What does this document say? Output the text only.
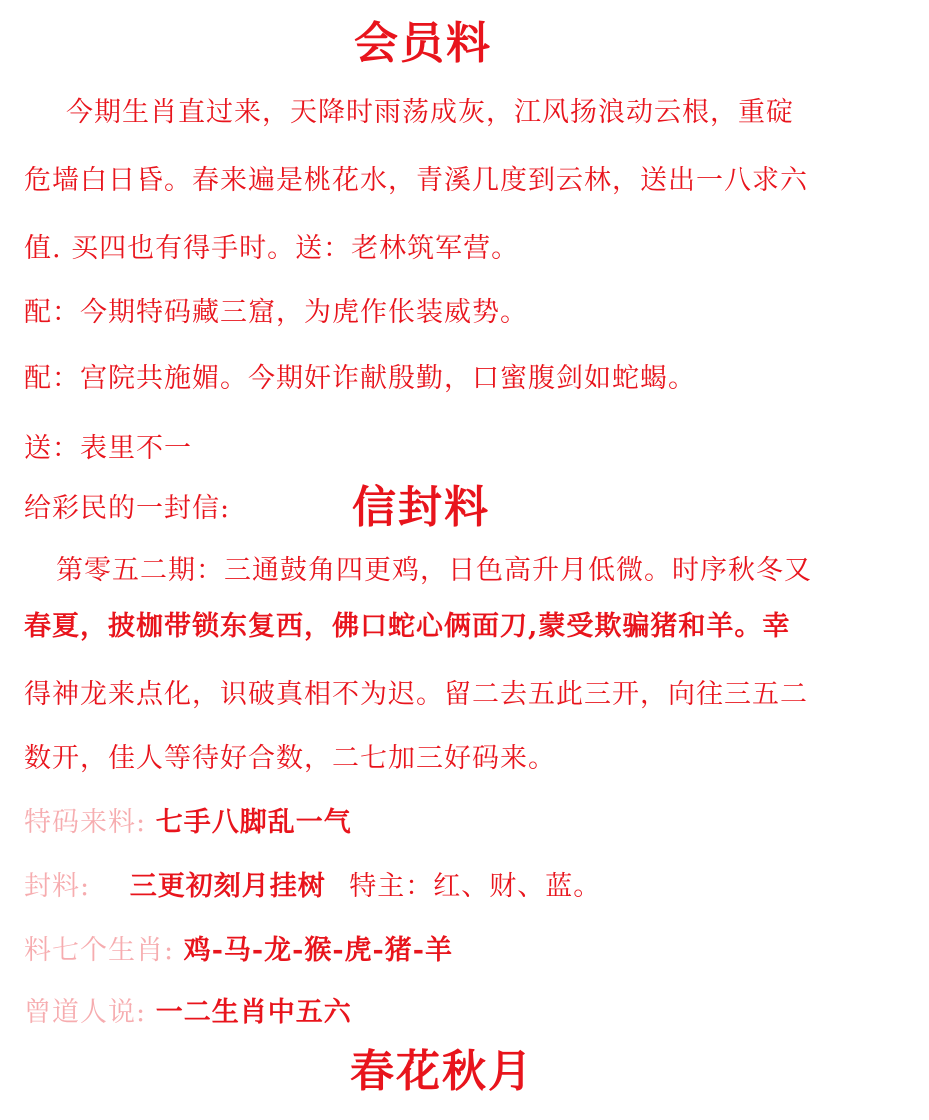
会员料
今期生肖直过来，天降时雨荡成灰，江风扬浪动云根，重碇
危墙白日昏。春来遍是桃花水，青溪几度到云林，送出一八求六
值. 买四也有得手时。送：老林筑军营。
配：今期特码藏三窟，为虎作伥装威势。
配：宫院共施媚。今期奸诈献殷勤，口蜜腹剑如蛇蝎。
送：表里不一
给彩民的一封信:	信封料
第零五二期：三通鼓角四更鸡，日色高升月低微。时序秋冬又
春夏，披枷带锁东复西，佛口蛇心俩面刀,蒙受欺骗猪和羊。幸
得神龙来点化，识破真相不为迟。留二去五此三开，向往三五二
数开，佳人等待好合数，二七加三好码来。
特码来料: 七手八脚乱一气
封料: 三更初刻月挂树 特主：红、财、蓝。
料七个生肖: 鸡-马-龙-猴-虎-猪-羊
曾道人说: 一二生肖中五六
春花秋月
